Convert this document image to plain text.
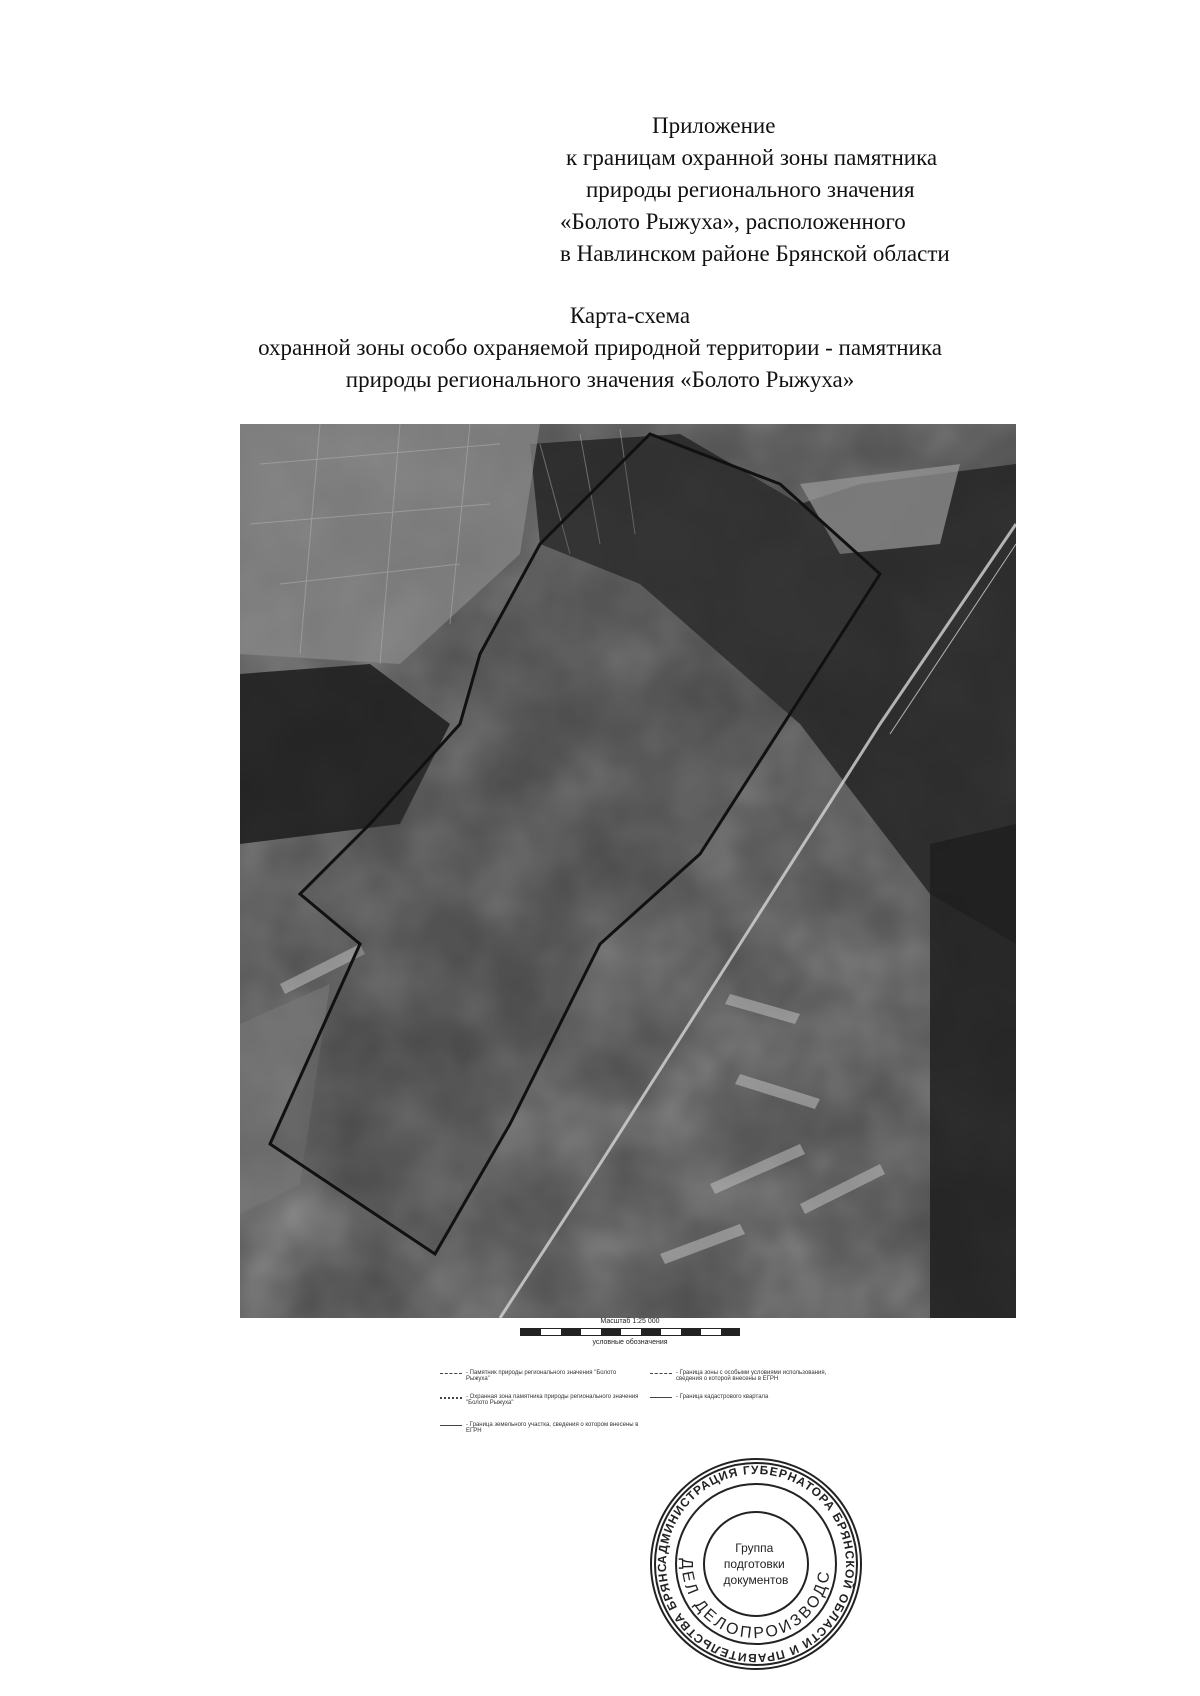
Приложение
к границам охранной зоны памятника
природы регионального значения
«Болото Рыжуха», расположенного
в Навлинском районе Брянской области
Карта-схема
охранной зоны особо охраняемой природной территории - памятника
природы регионального значения «Болото Рыжуха»
Масштаб 1:25 000
условные обозначения
- Памятник природы регионального значения "Болото Рыжуха"
- Охранная зона памятника природы регионального значения "Болото Рыжуха"
- Граница земельного участка, сведения о котором внесены в ЕГРН
- Граница зоны с особыми условиями использования, сведения о которой внесены в ЕГРН
- Граница кадастрового квартала
АДМИНИСТРАЦИЯ ГУБЕРНАТОРА БРЯНСКОЙ ОБЛАСТИ И ПРАВИТЕЛЬСТВА БРЯНС ДЕЛ ДЕЛОПРОИЗВОДС
Группа подготовки документов
